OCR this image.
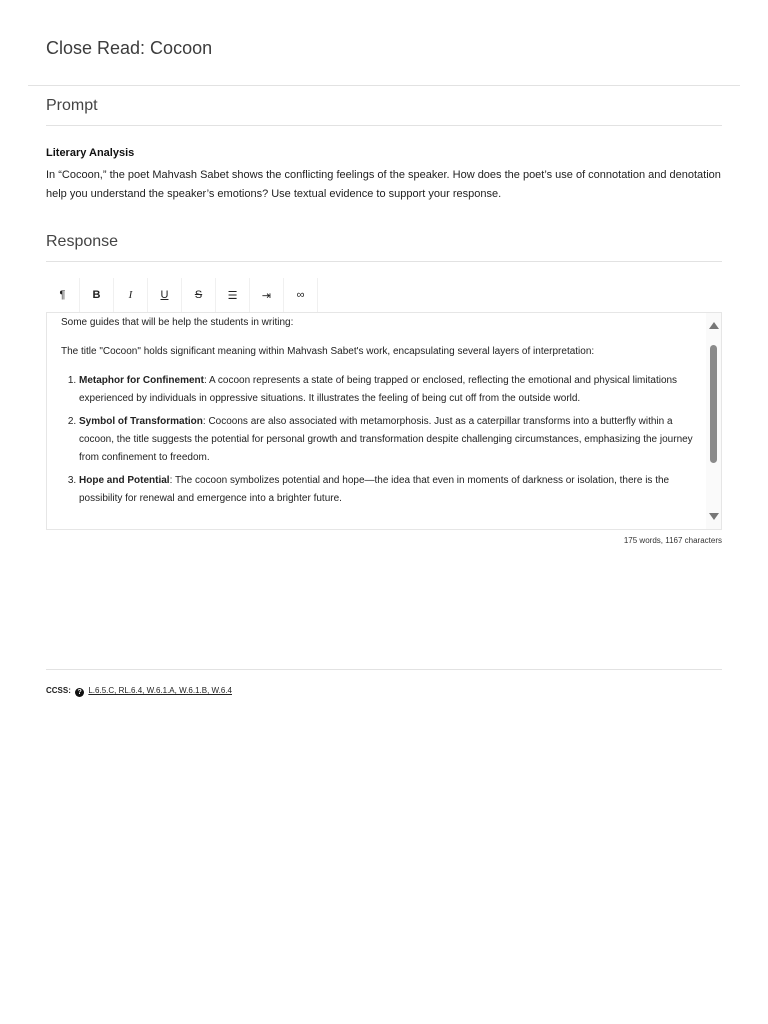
Close Read: Cocoon
Prompt
Literary Analysis

In “Cocoon,” the poet Mahvash Sabet shows the conflicting feelings of the speaker. How does the poet’s use of connotation and denotation help you understand the speaker’s emotions? Use textual evidence to support your response.

Response
¶	B	I	U	S	☰	⇥	∞

Some guides that will be help the students in writing:

The title "Cocoon" holds significant meaning within Mahvash Sabet's work, encapsulating several layers of interpretation:

1. Metaphor for Confinement: A cocoon represents a state of being trapped or enclosed, reflecting the emotional and physical limitations experienced by individuals in oppressive situations. It illustrates the feeling of being cut off from the outside world.
2. Symbol of Transformation: Cocoons are also associated with metamorphosis. Just as a caterpillar transforms into a butterfly within a cocoon, the title suggests the potential for personal growth and transformation despite challenging circumstances, emphasizing the journey from confinement to freedom.
3. Hope and Potential: The cocoon symbolizes potential and hope—the idea that even in moments of darkness or isolation, there is the possibility for renewal and emergence into a brighter future.
175 words, 1167 characters
CCSS: ? L.6.5.C, RL.6.4, W.6.1.A, W.6.1.B, W.6.4
